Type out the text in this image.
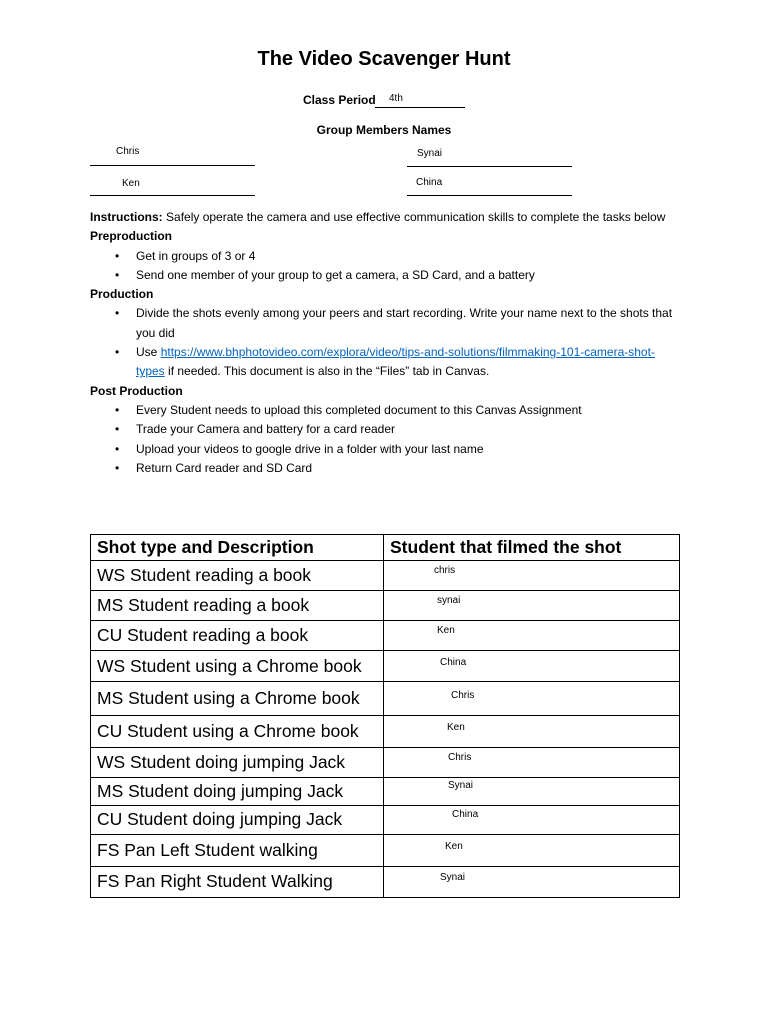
The Video Scavenger Hunt
Class Period 4th
Group Members Names
Chris	Synai
Ken	China
Instructions: Safely operate the camera and use effective communication skills to complete the tasks below
Preproduction
• Get in groups of 3 or 4
• Send one member of your group to get a camera, a SD Card, and a battery
Production
• Divide the shots evenly among your peers and start recording. Write your name next to the shots that you did
• Use https://www.bhphotovideo.com/explora/video/tips-and-solutions/filmmaking-101-camera-shot-types if needed. This document is also in the “Files” tab in Canvas.
Post Production
• Every Student needs to upload this completed document to this Canvas Assignment
• Trade your Camera and battery for a card reader
• Upload your videos to google drive in a folder with your last name
• Return Card reader and SD Card
Shot type and Description	Student that filmed the shot
WS Student reading a book	chris
MS Student reading a book	synai
CU Student reading a book	Ken
WS Student using a Chrome book	China
MS Student using a Chrome book	Chris
CU Student using a Chrome book	Ken
WS Student doing jumping Jack	Chris
MS Student doing jumping Jack	Synai
CU Student doing jumping Jack	China
FS Pan Left Student walking	Ken
FS Pan Right Student Walking	Synai
